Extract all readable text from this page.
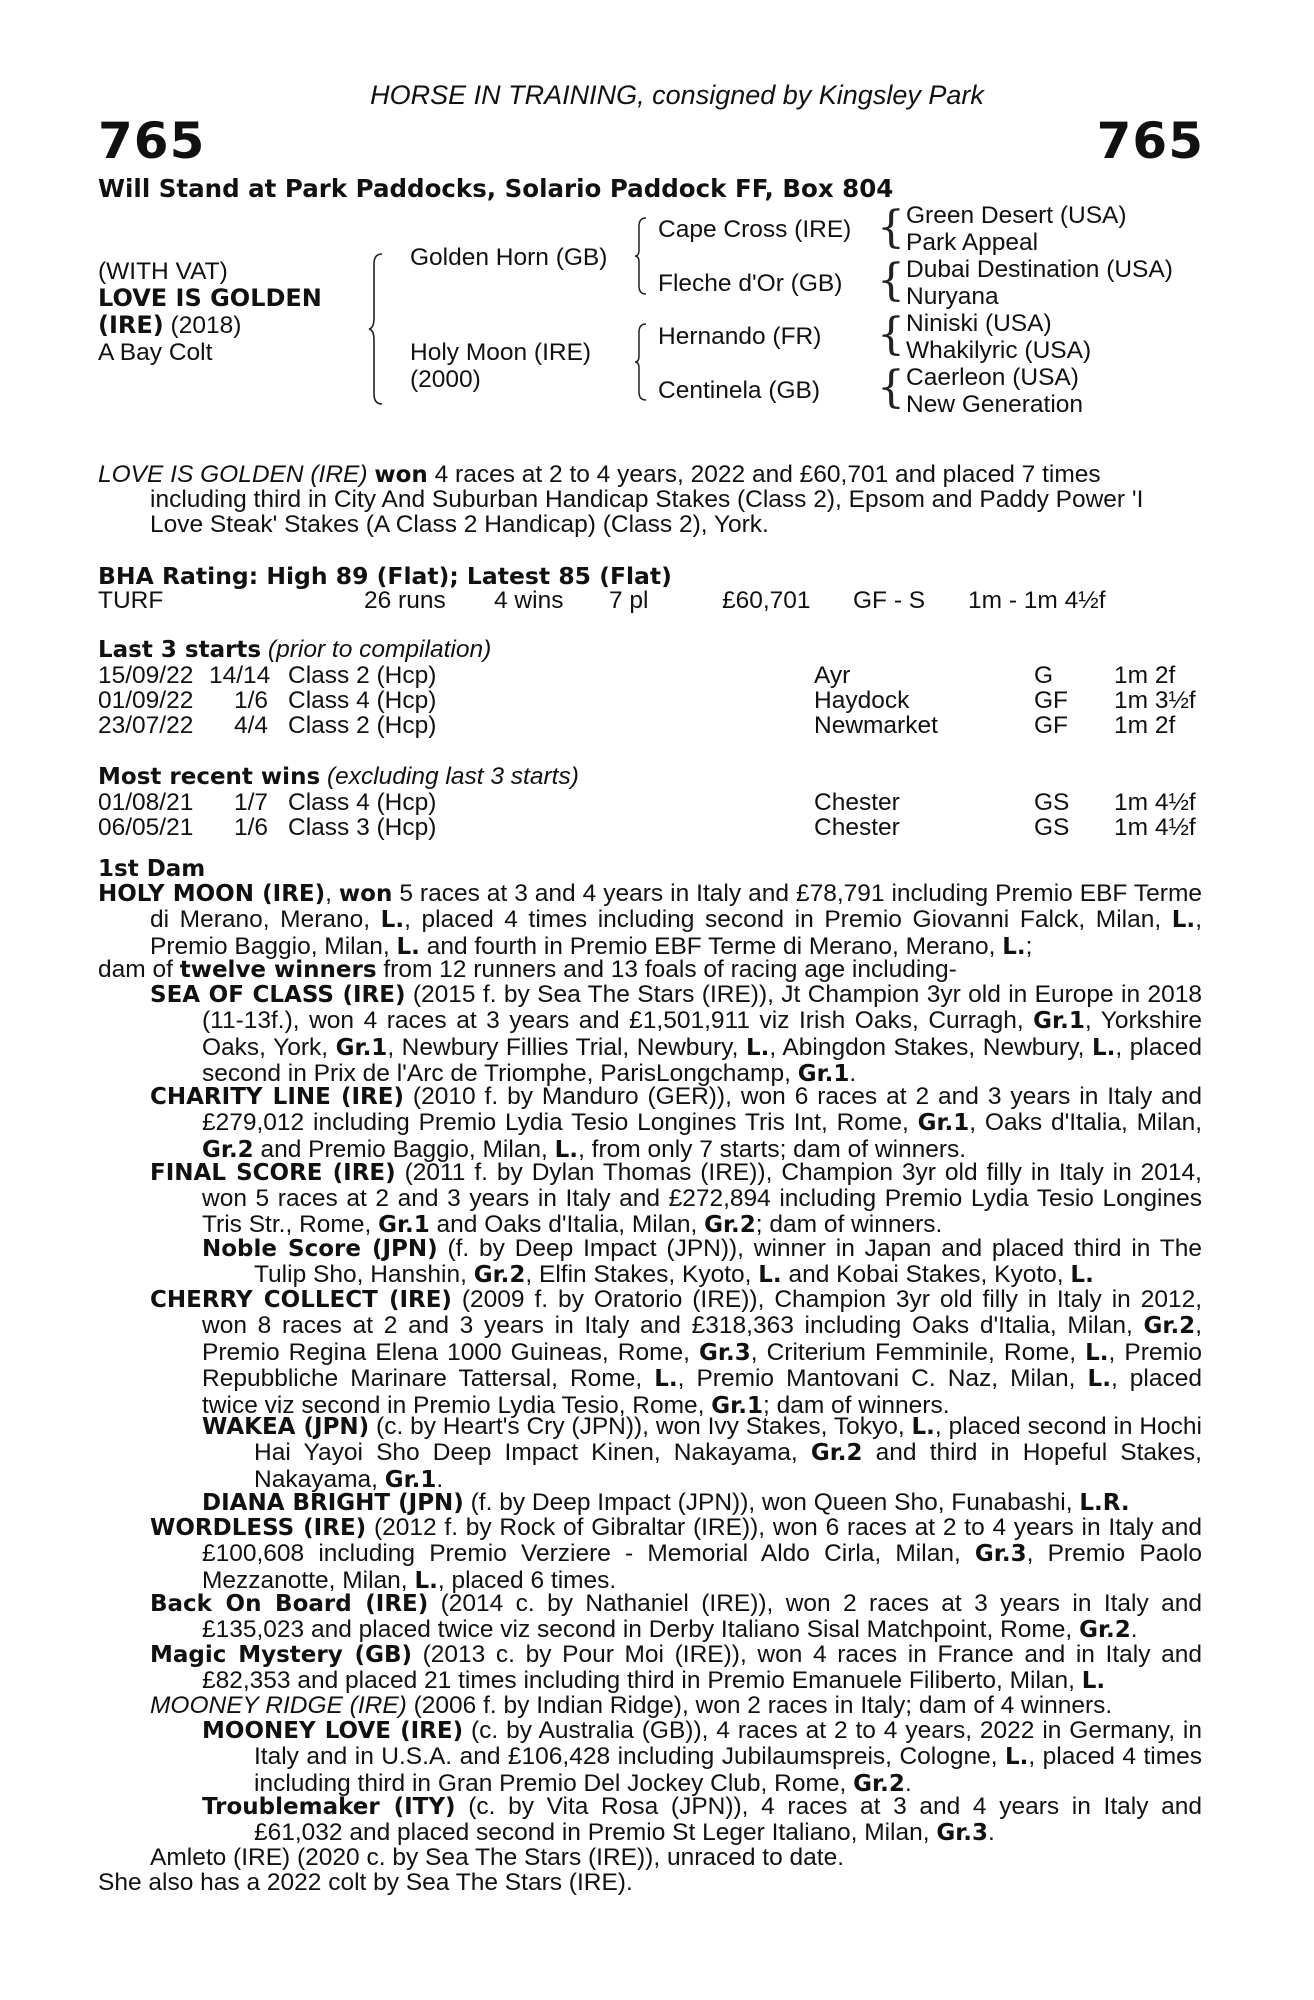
HORSE IN TRAINING, consigned by Kingsley Park
765	765
Will Stand at Park Paddocks, Solario Paddock FF, Box 804
(WITH VAT)
LOVE IS GOLDEN
(IRE) (2018)
A Bay Colt
Golden Horn (GB)
Holy Moon (IRE)
(2000)
Cape Cross (IRE)
Fleche d'Or (GB)
Hernando (FR)
Centinela (GB)
{
{
{
{
Green Desert (USA)
Park Appeal
Dubai Destination (USA)
Nuryana
Niniski (USA)
Whakilyric (USA)
Caerleon (USA)
New Generation
LOVE IS GOLDEN (IRE) won 4 races at 2 to 4 years, 2022 and £60,701 and placed 7 times
including third in City And Suburban Handicap Stakes (Class 2), Epsom and Paddy Power 'I
Love Steak' Stakes (A Class 2 Handicap) (Class 2), York.
BHA Rating: High 89 (Flat); Latest 85 (Flat)
TURF	26 runs 4 wins 7 pl	£60,701 GF - S 1m - 1m 4½f
Last 3 starts (prior to compilation)
15/09/22 14/14 Class 2 (Hcp)	Ayr	G 1m 2f
01/09/22 1/6 Class 4 (Hcp)	Haydock	GF 1m 3½f
23/07/22 4/4 Class 2 (Hcp)	Newmarket	GF 1m 2f
Most recent wins (excluding last 3 starts)
01/08/21 1/7 Class 4 (Hcp)	Chester	GS 1m 4½f
06/05/21 1/6 Class 3 (Hcp)	Chester	GS 1m 4½f
1st Dam
HOLY MOON (IRE), won 5 races at 3 and 4 years in Italy and £78,791 including Premio EBF Terme di Merano, Merano, L., placed 4 times including second in Premio Giovanni Falck, Milan, L., Premio Baggio, Milan, L. and fourth in Premio EBF Terme di Merano, Merano, L.;
dam of twelve winners from 12 runners and 13 foals of racing age including-
SEA OF CLASS (IRE) (2015 f. by Sea The Stars (IRE)), Jt Champion 3yr old in Europe in 2018 (11-13f.), won 4 races at 3 years and £1,501,911 viz Irish Oaks, Curragh, Gr.1, Yorkshire Oaks, York, Gr.1, Newbury Fillies Trial, Newbury, L., Abingdon Stakes, Newbury, L., placed second in Prix de l'Arc de Triomphe, ParisLongchamp, Gr.1.
CHARITY LINE (IRE) (2010 f. by Manduro (GER)), won 6 races at 2 and 3 years in Italy and £279,012 including Premio Lydia Tesio Longines Tris Int, Rome, Gr.1, Oaks d'Italia, Milan, Gr.2 and Premio Baggio, Milan, L., from only 7 starts; dam of winners.
FINAL SCORE (IRE) (2011 f. by Dylan Thomas (IRE)), Champion 3yr old filly in Italy in 2014, won 5 races at 2 and 3 years in Italy and £272,894 including Premio Lydia Tesio Longines Tris Str., Rome, Gr.1 and Oaks d'Italia, Milan, Gr.2; dam of winners.
Noble Score (JPN) (f. by Deep Impact (JPN)), winner in Japan and placed third in The Tulip Sho, Hanshin, Gr.2, Elfin Stakes, Kyoto, L. and Kobai Stakes, Kyoto, L.
CHERRY COLLECT (IRE) (2009 f. by Oratorio (IRE)), Champion 3yr old filly in Italy in 2012, won 8 races at 2 and 3 years in Italy and £318,363 including Oaks d'Italia, Milan, Gr.2, Premio Regina Elena 1000 Guineas, Rome, Gr.3, Criterium Femminile, Rome, L., Premio Repubbliche Marinare Tattersal, Rome, L., Premio Mantovani C. Naz, Milan, L., placed twice viz second in Premio Lydia Tesio, Rome, Gr.1; dam of winners.
WAKEA (JPN) (c. by Heart's Cry (JPN)), won Ivy Stakes, Tokyo, L., placed second in Hochi Hai Yayoi Sho Deep Impact Kinen, Nakayama, Gr.2 and third in Hopeful Stakes, Nakayama, Gr.1.
DIANA BRIGHT (JPN) (f. by Deep Impact (JPN)), won Queen Sho, Funabashi, L.R.
WORDLESS (IRE) (2012 f. by Rock of Gibraltar (IRE)), won 6 races at 2 to 4 years in Italy and £100,608 including Premio Verziere - Memorial Aldo Cirla, Milan, Gr.3, Premio Paolo Mezzanotte, Milan, L., placed 6 times.
Back On Board (IRE) (2014 c. by Nathaniel (IRE)), won 2 races at 3 years in Italy and £135,023 and placed twice viz second in Derby Italiano Sisal Matchpoint, Rome, Gr.2.
Magic Mystery (GB) (2013 c. by Pour Moi (IRE)), won 4 races in France and in Italy and £82,353 and placed 21 times including third in Premio Emanuele Filiberto, Milan, L.
MOONEY RIDGE (IRE) (2006 f. by Indian Ridge), won 2 races in Italy; dam of 4 winners.
MOONEY LOVE (IRE) (c. by Australia (GB)), 4 races at 2 to 4 years, 2022 in Germany, in Italy and in U.S.A. and £106,428 including Jubilaumspreis, Cologne, L., placed 4 times including third in Gran Premio Del Jockey Club, Rome, Gr.2.
Troublemaker (ITY) (c. by Vita Rosa (JPN)), 4 races at 3 and 4 years in Italy and £61,032 and placed second in Premio St Leger Italiano, Milan, Gr.3.
Amleto (IRE) (2020 c. by Sea The Stars (IRE)), unraced to date.
She also has a 2022 colt by Sea The Stars (IRE).
